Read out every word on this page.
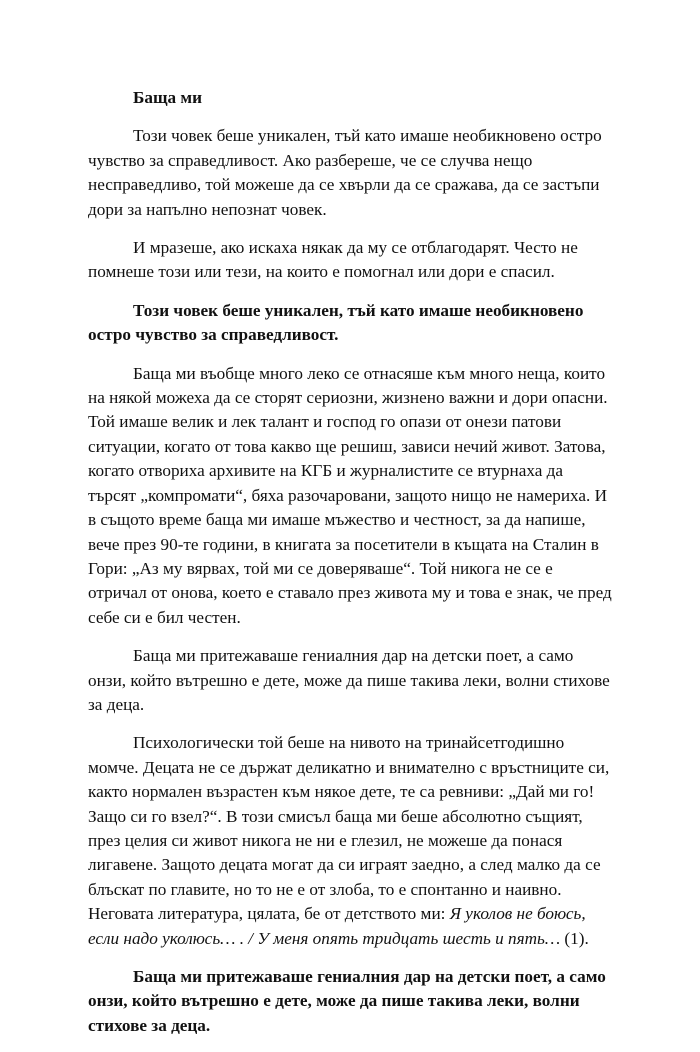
Баща ми

Този човек беше уникален, тъй като имаше необикновено остро чувство за справедливост. Ако разбереше, че се случва нещо несправедливо, той можеше да се хвърли да се сражава, да се застъпи дори за напълно непознат човек.

И мразеше, ако искаха някак да му се отблагодарят. Често не помнеше този или тези, на които е помогнал или дори е спасил.

Този човек беше уникален, тъй като имаше необикновено остро чувство за справедливост.

Баща ми въобще много леко се отнасяше към много неща, които на някой можеха да се сторят сериозни, жизнено важни и дори опасни. Той имаше велик и лек талант и господ го опази от онези патови ситуации, когато от това какво ще решиш, зависи нечий живот. Затова, когато отвориха архивите на КГБ и журналистите се втурнаха да търсят „компромати“, бяха разочаровани, защото нищо не намериха. И в същото време баща ми имаше мъжество и честност, за да напише, вече през 90-те години, в книгата за посетители в къщата на Сталин в Гори: „Аз му вярвах, той ми се доверяваше“. Той никога не се е отричал от онова, което е ставало през живота му и това е знак, че пред себе си е бил честен.

Баща ми притежаваше гениалния дар на детски поет, а само онзи, който вътрешно е дете, може да пише такива леки, волни стихове за деца.

Психологически той беше на нивото на тринайсетгодишно момче. Децата не се държат деликатно и внимателно с връстниците си, както нормален възрастен към някое дете, те са ревниви: „Дай ми го! Защо си го взел?“. В този смисъл баща ми беше абсолютно същият, през целия си живот никога не ни е глезил, не можеше да понася лигавене. Защото децата могат да си играят заедно, а след малко да се блъскат по главите, но то не е от злоба, то е спонтанно и наивно. Неговата литература, цялата, бе от детството ми: Я уколов не боюсь, если надо уколюсь… . / У меня опять тридцать шесть и пять… (1).

Баща ми притежаваше гениалния дар на детски поет, а само онзи, който вътрешно е дете, може да пише такива леки, волни стихове за деца.
